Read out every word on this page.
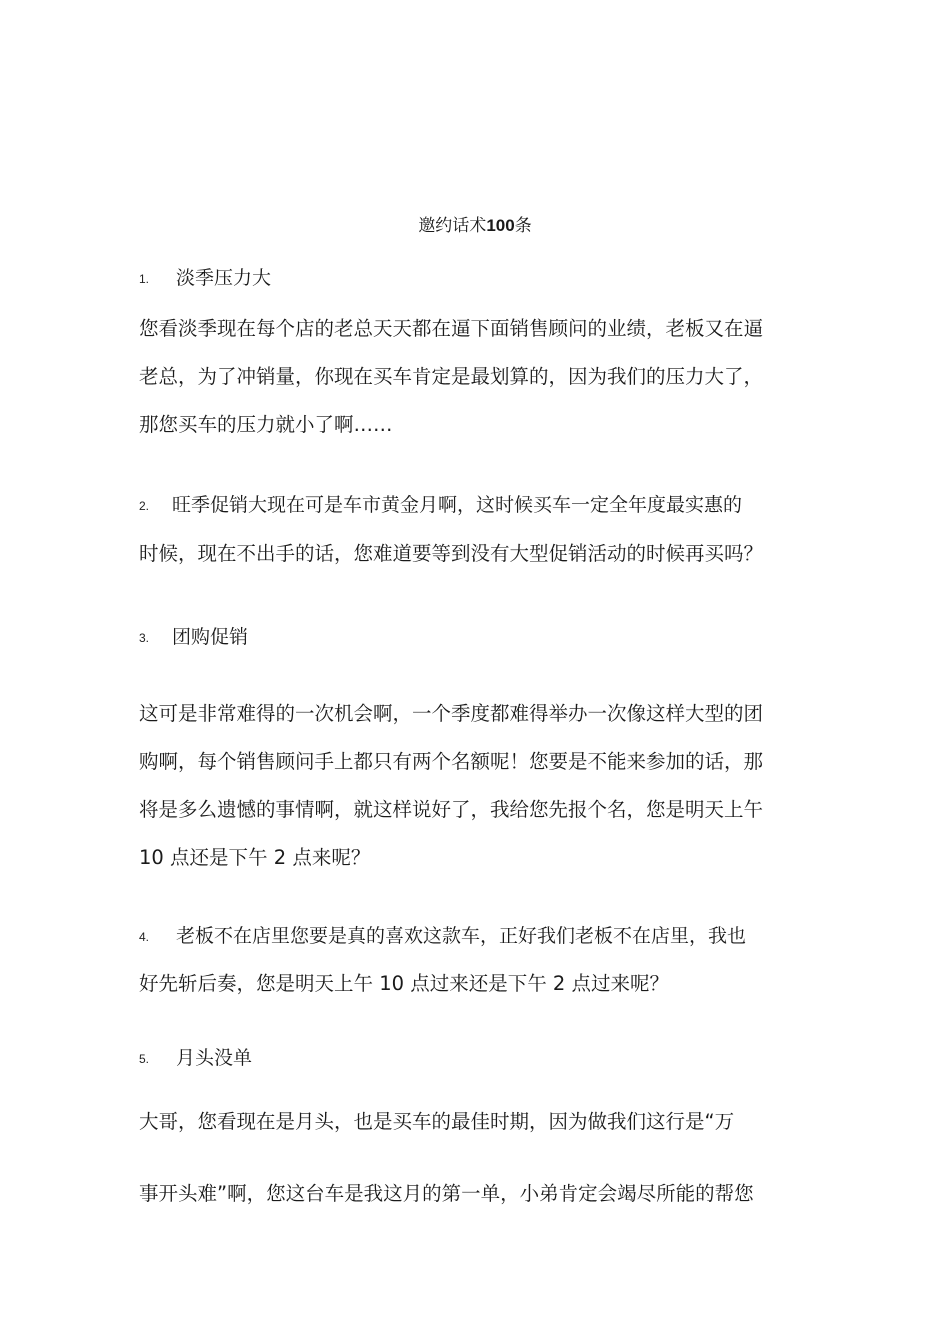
邀约话术100条
1. 淡季压力大
您看淡季现在每个店的老总天天都在逼下面销售顾问的业绩，老板又在逼
老总，为了冲销量，你现在买车肯定是最划算的，因为我们的压力大了，
那您买车的压力就小了啊……
2. 旺季促销大现在可是车市黄金月啊，这时候买车一定全年度最实惠的
时候，现在不出手的话，您难道要等到没有大型促销活动的时候再买吗？
3. 团购促销
这可是非常难得的一次机会啊，一个季度都难得举办一次像这样大型的团
购啊，每个销售顾问手上都只有两个名额呢！您要是不能来参加的话，那
将是多么遗憾的事情啊，就这样说好了，我给您先报个名，您是明天上午
10 点还是下午 2 点来呢？
4. 老板不在店里您要是真的喜欢这款车，正好我们老板不在店里，我也
好先斩后奏，您是明天上午 10 点过来还是下午 2 点过来呢？
5. 月头没单
大哥，您看现在是月头，也是买车的最佳时期，因为做我们这行是“万
事开头难”啊，您这台车是我这月的第一单，小弟肯定会竭尽所能的帮您
